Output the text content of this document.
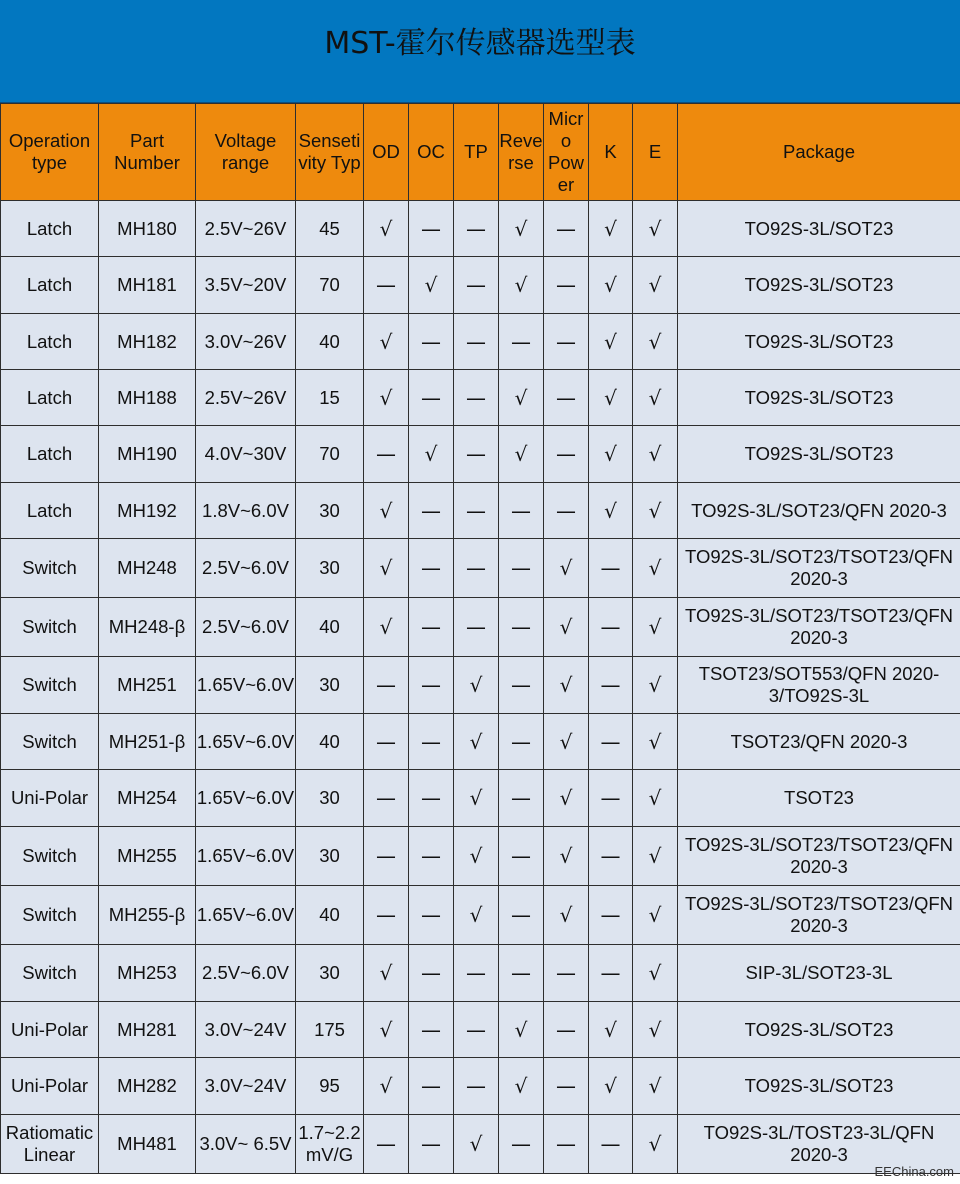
MST-霍尔传感器选型表
Operation type	Part Number	Voltage range	Senseti vity Typ	OD	OC	TP	Reve rse	Micr o Pow er	K	E	Package
Latch	MH180	2.5V~26V	45	√	—	—	√	—	√	√	TO92S-3L/SOT23
Latch	MH181	3.5V~20V	70	—	√	—	√	—	√	√	TO92S-3L/SOT23
Latch	MH182	3.0V~26V	40	√	—	—	—	—	√	√	TO92S-3L/SOT23
Latch	MH188	2.5V~26V	15	√	—	—	√	—	√	√	TO92S-3L/SOT23
Latch	MH190	4.0V~30V	70	—	√	—	√	—	√	√	TO92S-3L/SOT23
Latch	MH192	1.8V~6.0V	30	√	—	—	—	—	√	√	TO92S-3L/SOT23/QFN 2020-3
Switch	MH248	2.5V~6.0V	30	√	—	—	—	√	—	√	TO92S-3L/SOT23/TSOT23/QFN 2020-3
Switch	MH248-β	2.5V~6.0V	40	√	—	—	—	√	—	√	TO92S-3L/SOT23/TSOT23/QFN 2020-3
Switch	MH251	1.65V~6.0V	30	—	—	√	—	√	—	√	TSOT23/SOT553/QFN 2020-3/TO92S-3L
Switch	MH251-β	1.65V~6.0V	40	—	—	√	—	√	—	√	TSOT23/QFN 2020-3
Uni-Polar	MH254	1.65V~6.0V	30	—	—	√	—	√	—	√	TSOT23
Switch	MH255	1.65V~6.0V	30	—	—	√	—	√	—	√	TO92S-3L/SOT23/TSOT23/QFN 2020-3
Switch	MH255-β	1.65V~6.0V	40	—	—	√	—	√	—	√	TO92S-3L/SOT23/TSOT23/QFN 2020-3
Switch	MH253	2.5V~6.0V	30	√	—	—	—	—	—	√	SIP-3L/SOT23-3L
Uni-Polar	MH281	3.0V~24V	175	√	—	—	√	—	√	√	TO92S-3L/SOT23
Uni-Polar	MH282	3.0V~24V	95	√	—	—	√	—	√	√	TO92S-3L/SOT23
Ratiomatic Linear	MH481	3.0V~ 6.5V	1.7~2.2 mV/G	—	—	√	—	—	—	√	TO92S-3L/TOST23-3L/QFN 2020-3
EEChina.com
